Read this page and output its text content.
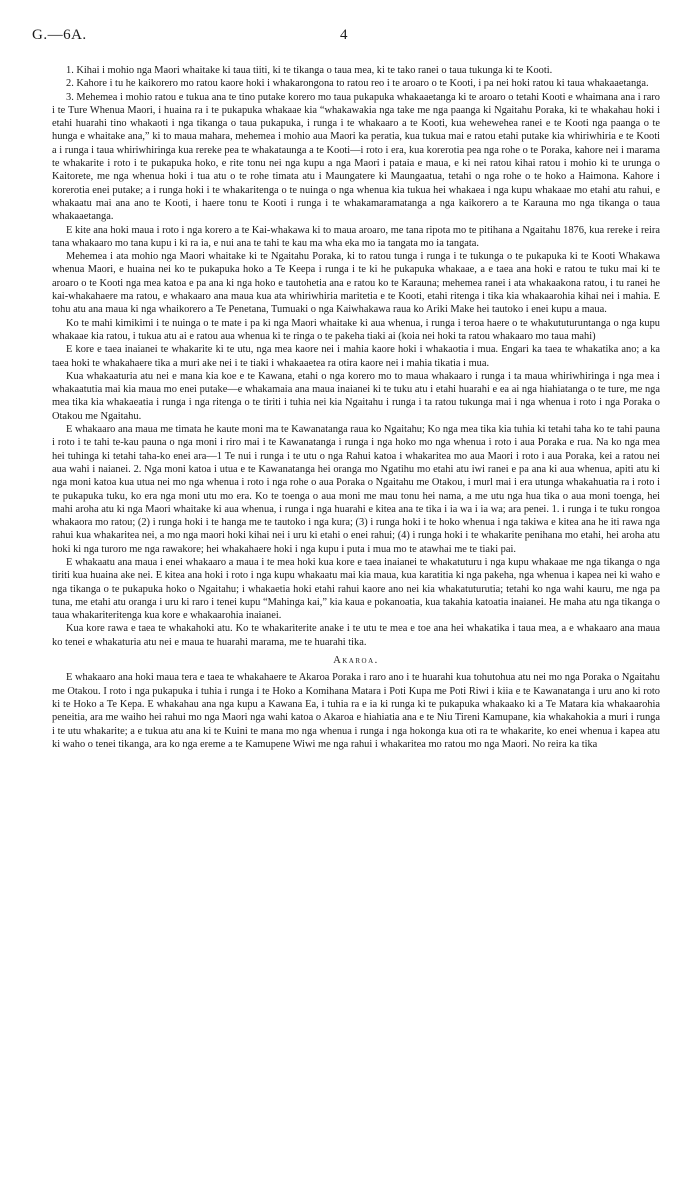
G.—6A.	4

1. Kihai i mohio nga Maori whaitake ki taua tiiti, ki te tikanga o taua mea, ki te tako ranei o taua tukunga ki te Kooti.

2. Kahore i tu he kaikorero mo ratou kaore hoki i whakarongona to ratou reo i te aroaro o te Kooti, i pa nei hoki ratou ki taua whakaaetanga.

3. Mehemea i mohio ratou e tukua ana te tino putake korero mo taua pukapuka whakaaetanga ki te aroaro o tetahi Kooti e whaimana ana i raro i te Ture Whenua Maori, i huaina ra i te pukapuka whakaae kia “whakawakia nga take me nga paanga ki Ngaitahu Poraka, ki te whakahau hoki i etahi huarahi tino whakaoti i nga tikanga o taua pukapuka, i runga i te whakaaro a te Kooti, kua wehewehea ranei e te Kooti nga paanga o te hunga e whaitake ana,” ki to maua mahara, mehemea i mohio aua Maori ka peratia, kua tukua mai e ratou etahi putake kia whiriwhiria e te Kooti a i runga i taua whiriwhiringa kua rereke pea te whakataunga a te Kooti—i roto i era, kua korerotia pea nga rohe o te Poraka, kahore nei i marama te whakarite i roto i te pukapuka hoko, e rite tonu nei nga kupu a nga Maori i pataia e maua, e ki nei ratou kihai ratou i mohio ki te urunga o Kaitorete, me nga whenua hoki i tua atu o te rohe timata atu i Maungatere ki Maungaatua, tetahi o nga rohe o te hoko a Haimona. Kahore i korerotia enei putake; a i runga hoki i te whakaritenga o te nuinga o nga whenua kia tukua hei whakaea i nga kupu whakaae mo etahi atu rahui, e whakaatu mai ana ano te Kooti, i haere tonu te Kooti i runga i te whakamaramatanga a nga kaikorero a te Karauna mo nga tikanga o taua whakaaetanga.

E kite ana hoki maua i roto i nga korero a te Kai-whakawa ki to maua aroaro, me tana ripota mo te pitihana a Ngaitahu 1876, kua rereke i reira tana whakaaro mo tana kupu i ki ra ia, e nui ana te tahi te kau ma wha eka mo ia tangata mo ia tangata.

Mehemea i ata mohio nga Maori whaitake ki te Ngaitahu Poraka, ki to ratou tunga i runga i te tukunga o te pukapuka ki te Kooti Whakawa whenua Maori, e huaina nei ko te pukapuka hoko a Te Keepa i runga i te ki he pukapuka whakaae, a e taea ana hoki e ratou te tuku mai ki te aroaro o te Kooti nga mea katoa e pa ana ki nga hoko e tautohetia ana e ratou ko te Karauna; mehemea ranei i ata whakaakona ratou, i tu ranei he kai-whakahaere ma ratou, e whakaaro ana maua kua ata whiriwhiria maritetia e te Kooti, etahi ritenga i tika kia whakaarohia kihai nei i mahia. E tohu atu ana maua ki nga whaikorero a Te Penetana, Tumuaki o nga Kaiwhakawa raua ko Ariki Make hei tautoko i enei kupu a maua.

Ko te mahi kimikimi i te nuinga o te mate i pa ki nga Maori whaitake ki aua whenua, i runga i teroa haere o te whakututuruntanga o nga kupu whakaae kia ratou, i tukua atu ai e ratou aua whenua ki te ringa o te pakeha tiaki ai (koia nei hoki ta ratou whakaaro mo taua mahi)

E kore e taea inaianei te whakarite ki te utu, nga mea kaore nei i mahia kaore hoki i whakaotia i mua. Engari ka taea te whakatika ano; a ka taea hoki te whakahaere tika a muri ake nei i te tiaki i whakaaetea ra otira kaore nei i mahia tikatia i mua.

Kua whakaaturia atu nei e mana kia koe e te Kawana, etahi o nga korero mo to maua whakaaro i runga i ta maua whiriwhiringa i nga mea i whakaatutia mai kia maua mo enei putake—e whakamaia ana maua inaianei ki te tuku atu i etahi huarahi e ea ai nga hiahiatanga o te ture, me nga mea tika kia whakaeatia i runga i nga ritenga o te tiriti i tuhia nei kia Ngaitahu i runga i ta ratou tukunga mai i nga whenua i roto i nga Poraka o Otakou me Ngaitahu.

E whakaaro ana maua me timata he kaute moni ma te Kawanatanga raua ko Ngaitahu; Ko nga mea tika kia tuhia ki tetahi taha ko te tahi pauna i roto i te tahi te-kau pauna o nga moni i riro mai i te Kawanatanga i runga i nga hoko mo nga whenua i roto i aua Poraka e rua. Na ko nga mea hei tuhinga ki tetahi taha-ko enei ara—1 Te nui i runga i te utu o nga Rahui katoa i whakaritea mo aua Maori i roto i aua Poraka, kei a ratou nei aua wahi i naianei. 2. Nga moni katoa i utua e te Kawanatanga hei oranga mo Ngatihu mo etahi atu iwi ranei e pa ana ki aua whenua, apiti atu ki nga moni katoa kua utua nei mo nga whenua i roto i nga rohe o aua Poraka o Ngaitahu me Otakou, i murl mai i era utunga whakahuatia ra i roto i te pukapuka tuku, ko era nga moni utu mo era. Ko te toenga o aua moni me mau tonu hei nama, a me utu nga hua tika o aua moni toenga, hei mahi aroha atu ki nga Maori whaitake ki aua whenua, i runga i nga huarahi e kitea ana te tika i ia wa i ia wa; ara penei. 1. i runga i te tuku rongoa whakaora mo ratou; (2) i runga hoki i te hanga me te tautoko i nga kura; (3) i runga hoki i te hoko whenua i nga takiwa e kitea ana he iti rawa nga rahui kua whakaritea nei, a mo nga maori hoki kihai nei i uru ki etahi o enei rahui; (4) i runga hoki i te whakarite penihana mo etahi, hei aroha atu hoki ki nga turoro me nga rawakore; hei whakahaere hoki i nga kupu i puta i mua mo te atawhai me te tiaki pai.

E whakaatu ana maua i enei whakaaro a maua i te mea hoki kua kore e taea inaianei te whakatuturu i nga kupu whakaae me nga tikanga o nga tiriti kua huaina ake nei. E kitea ana hoki i roto i nga kupu whakaatu mai kia maua, kua karatitia ki nga pakeha, nga whenua i kapea nei ki waho e nga tikanga o te pukapuka hoko o Ngaitahu; i whakaetia hoki etahi rahui kaore ano nei kia whakatuturutia; tetahi ko nga wahi kauru, me nga pa tuna, me etahi atu oranga i uru ki raro i tenei kupu “Mahinga kai,” kia kaua e pokanoatia, kua takahia katoatia inaianei. He maha atu nga tikanga o taua whakariteritenga kua kore e whakaarohia inaianei.

Kua kore rawa e taea te whakahoki atu. Ko te whakariterite anake i te utu te mea e toe ana hei whakatika i taua mea, a e whakaaro ana maua ko tenei e whakaturia atu nei e maua te huarahi marama, me te huarahi tika.

Akaroa.

E whakaaro ana hoki maua tera e taea te whakahaere te Akaroa Poraka i raro ano i te huarahi kua tohutohua atu nei mo nga Poraka o Ngaitahu me Otakou. I roto i nga pukapuka i tuhia i runga i te Hoko a Komihana Matara i Poti Kupa me Poti Riwi i kiia e te Kawanatanga i uru ano ki roto ki te Hoko a Te Kepa. E whakahau ana nga kupu a Kawana Ea, i tuhia ra e ia ki runga ki te pukapuka whakaako ki a Te Matara kia whakaarohia peneitia, ara me waiho hei rahui mo nga Maori nga wahi katoa o Akaroa e hiahiatia ana e te Niu Tireni Kamupane, kia whakahokia a muri i runga i te utu whakarite; a e tukua atu ana ki te Kuini te mana mo nga whenua i runga i nga hokonga kua oti ra te whakarite, ko enei whenua i kapea atu ki waho o tenei tikanga, ara ko nga ereme a te Kamupene Wiwi me nga rahui i whakaritea mo ratou mo nga Maori. No reira ka tika
